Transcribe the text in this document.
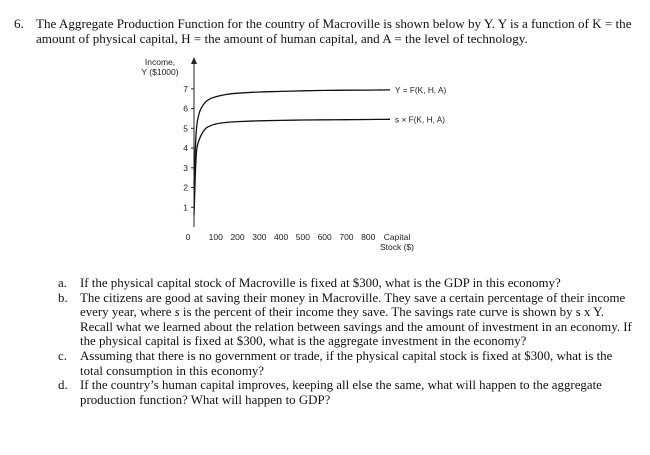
6. The Aggregate Production Function for the country of Macroville is shown below by Y. Y is a function of K = the amount of physical capital, H = the amount of human capital, and A = the level of technology.
Income,
Y ($1000)
Capital
Stock ($)
0
1
2
3
4
5
6
7
100 200 300 400 500 600 700 800
Y = F(K, H, A)
s × F(K, H, A)

a. If the physical capital stock of Macroville is fixed at $300, what is the GDP in this economy?

b. The citizens are good at saving their money in Macroville. They save a certain percentage of their income every year, where s is the percent of their income they save. The savings rate curve is shown by s x Y. Recall what we learned about the relation between savings and the amount of investment in an economy. If the physical capital is fixed at $300, what is the aggregate investment in the economy?

c. Assuming that there is no government or trade, if the physical capital stock is fixed at $300, what is the total consumption in this economy?

d. If the country’s human capital improves, keeping all else the same, what will happen to the aggregate production function? What will happen to GDP?
